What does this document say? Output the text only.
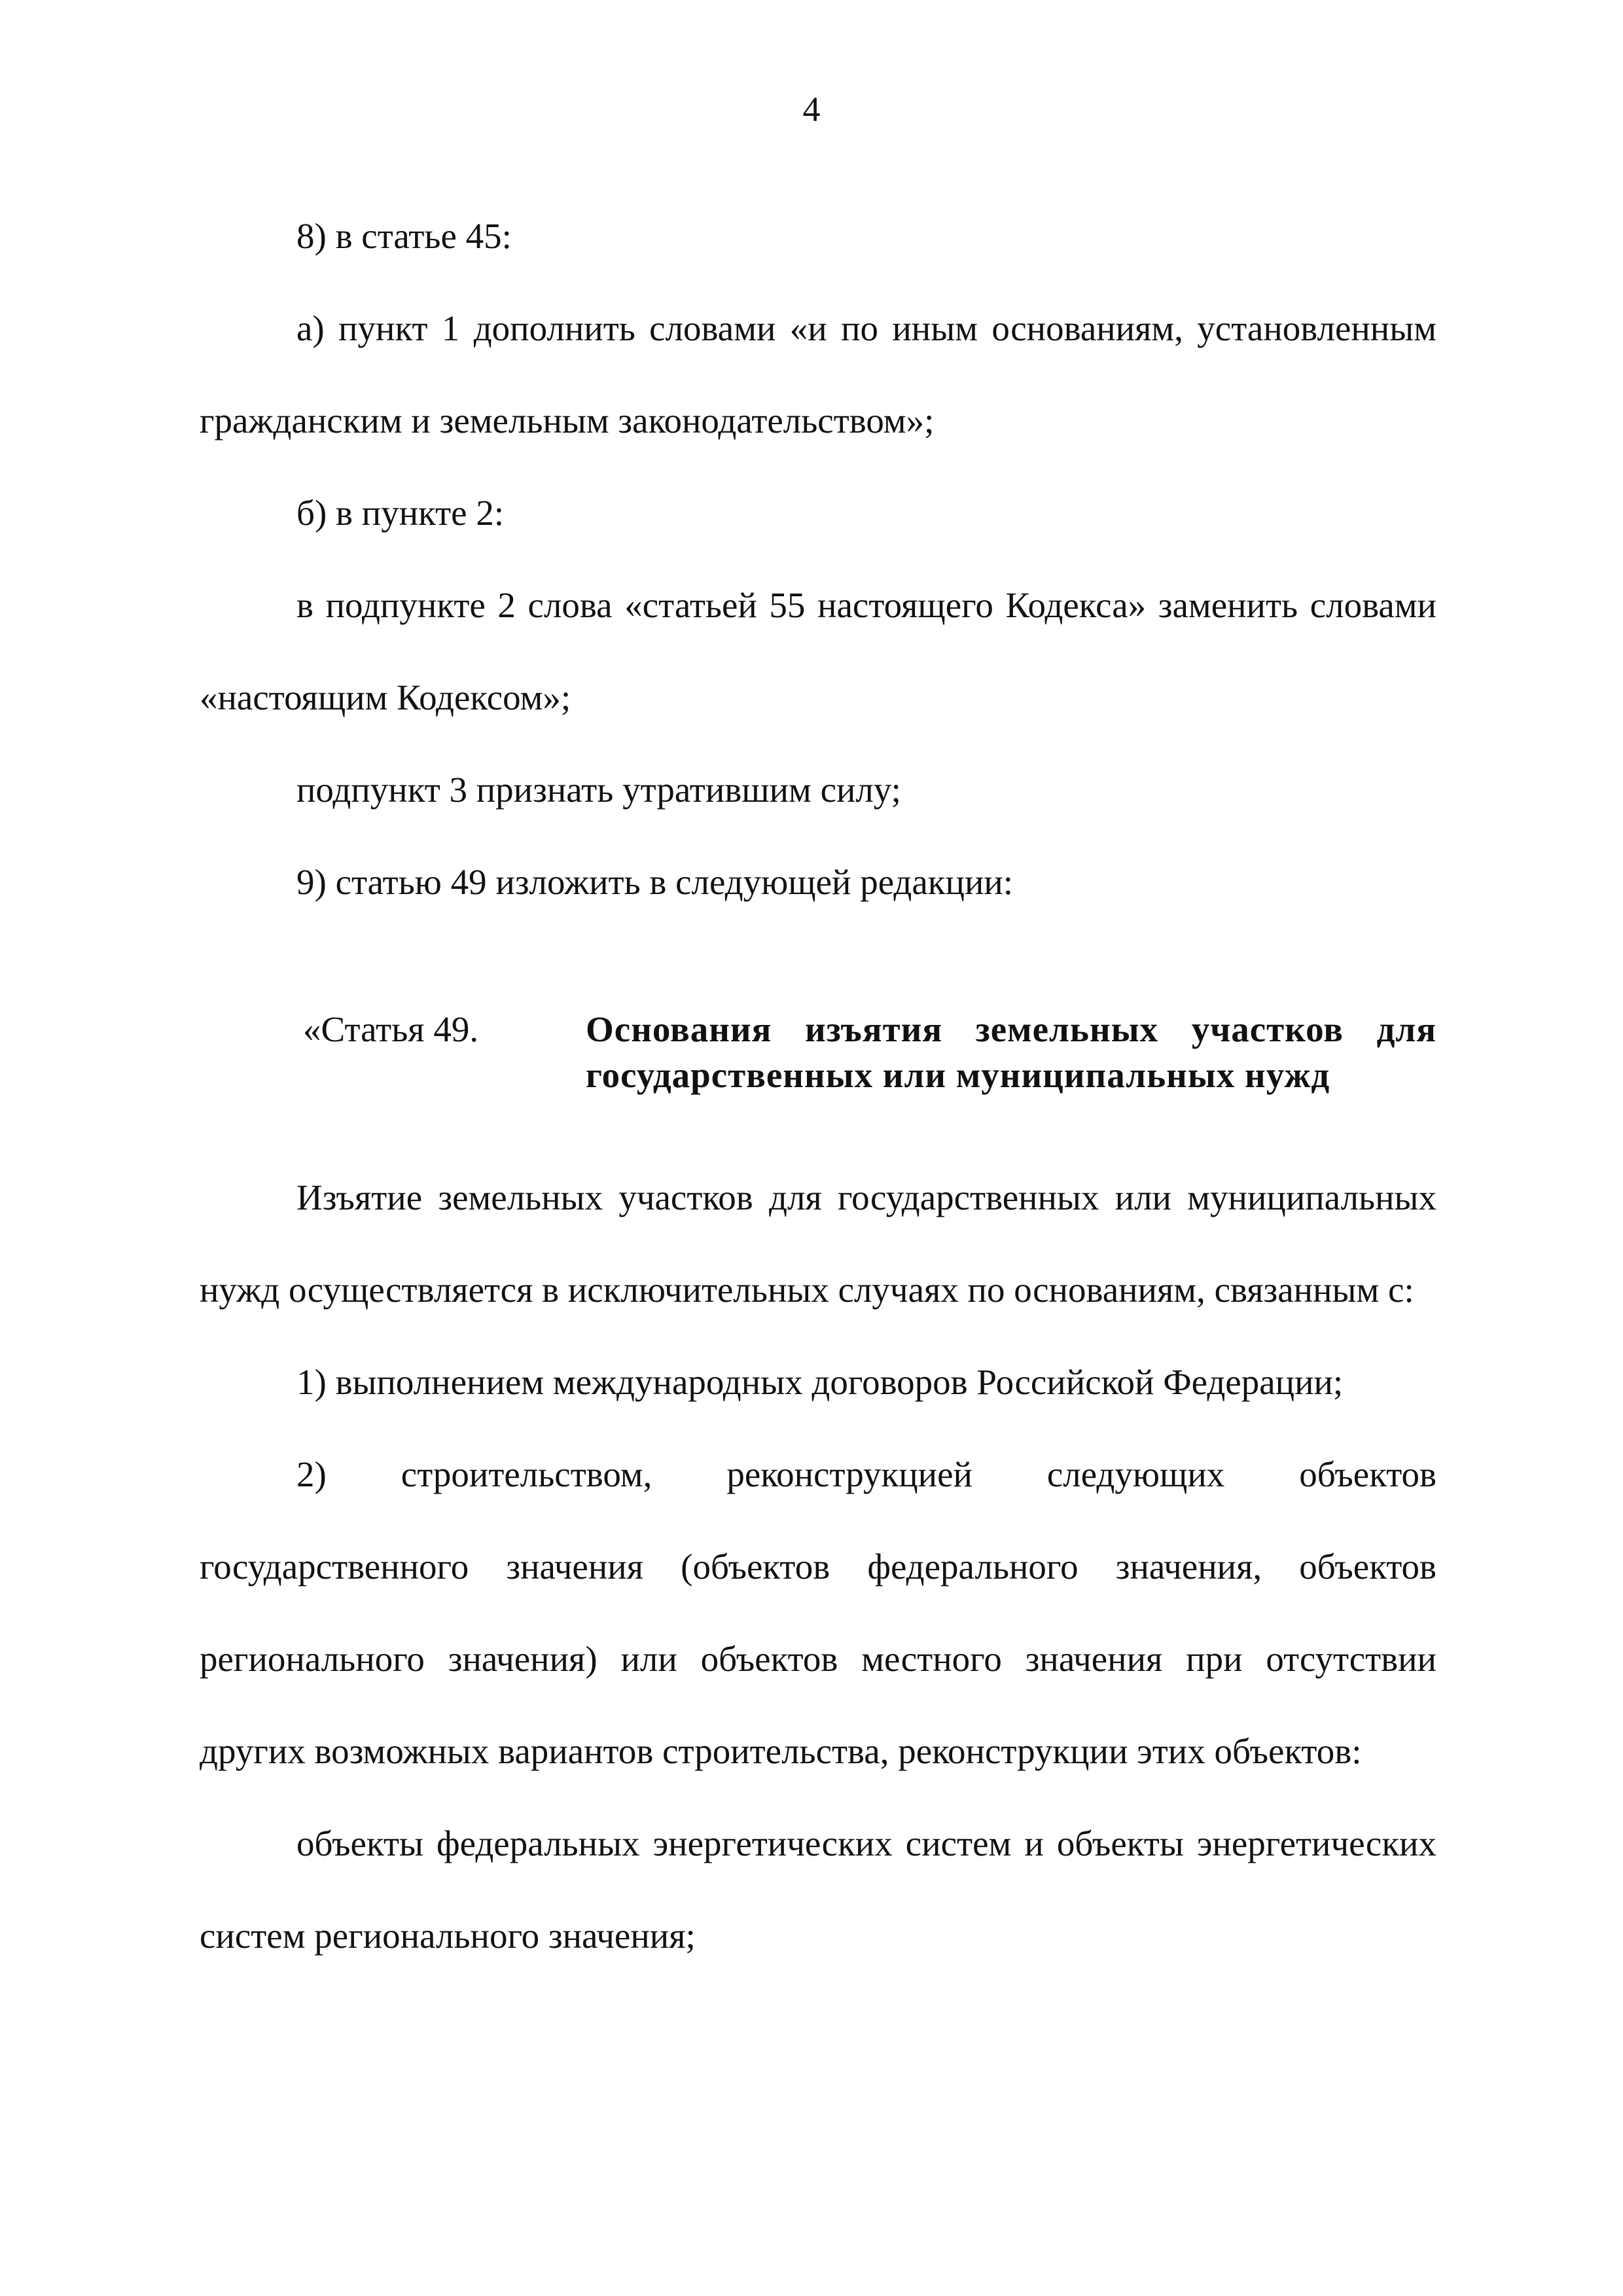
4

8) в статье 45:

а) пункт 1 дополнить словами «и по иным основаниям, установленным гражданским и земельным законодательством»;

б) в пункте 2:

в подпункте 2 слова «статьей 55 настоящего Кодекса» заменить словами «настоящим Кодексом»;

подпункт 3 признать утратившим силу;

9) статью 49 изложить в следующей редакции:

«Статья 49.	Основания изъятия земельных участков для государственных или муниципальных нужд

Изъятие земельных участков для государственных или муниципальных нужд осуществляется в исключительных случаях по основаниям, связанным с:

1) выполнением международных договоров Российской Федерации;

2) строительством, реконструкцией следующих объектов государственного значения (объектов федерального значения, объектов регионального значения) или объектов местного значения при отсутствии других возможных вариантов строительства, реконструкции этих объектов:

объекты федеральных энергетических систем и объекты энергетических систем регионального значения;
